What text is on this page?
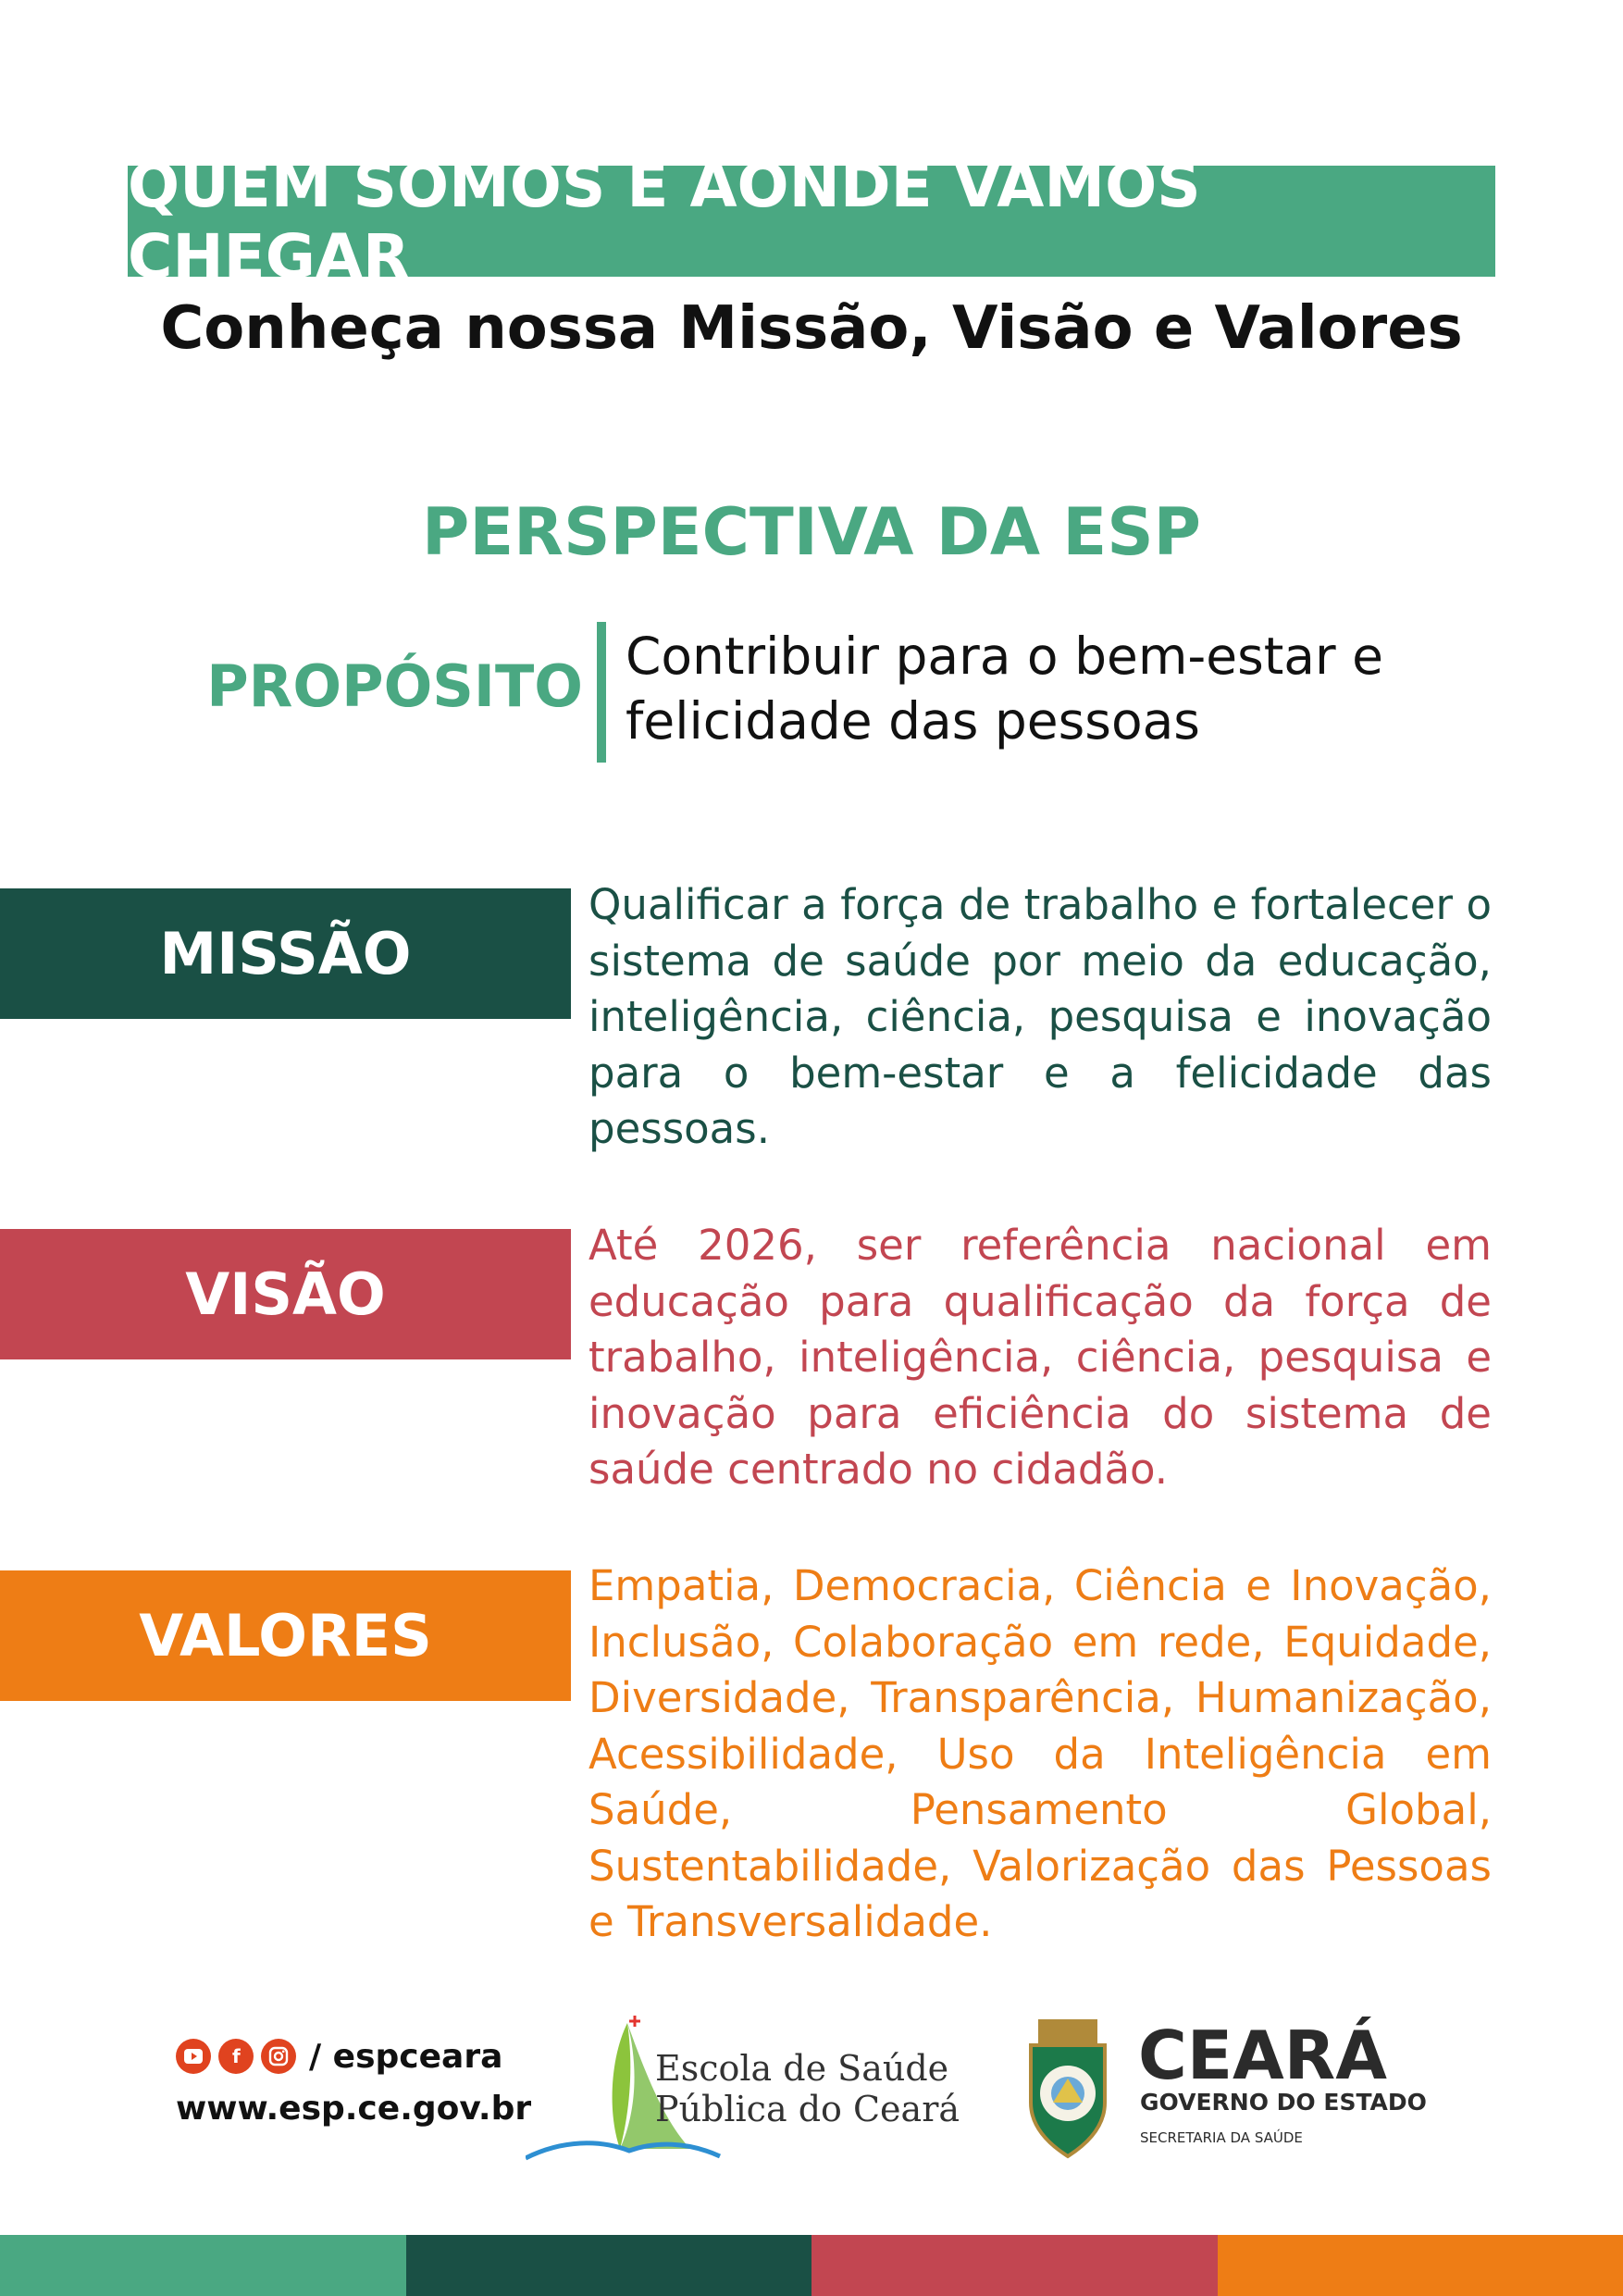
QUEM SOMOS E AONDE VAMOS CHEGAR
Conheça nossa Missão, Visão e Valores
PERSPECTIVA DA ESP
PROPÓSITO Contribuir para o bem-estar e
felicidade das pessoas
MISSÃO
Qualificar a força de trabalho e fortalecer o sistema de saúde por meio da educação, inteligência, ciência, pesquisa e inovação para o bem-estar e a felicidade das pessoas.
VISÃO
Até 2026, ser referência nacional em educação para qualificação da força de trabalho, inteligência, ciência, pesquisa e inovação para eficiência do sistema de saúde centrado no cidadão.
VALORES
Empatia, Democracia, Ciência e Inovação, Inclusão, Colaboração em rede, Equidade, Diversidade, Transparência, Humanização, Acessibilidade, Uso da Inteligência em Saúde, Pensamento Global, Sustentabilidade, Valorização das Pessoas e Transversalidade.
f / espceara
www.esp.ce.gov.br
Escola de Saúde
Pública do Ceará
CEARÁ
GOVERNO DO ESTADO
SECRETARIA DA SAÚDE
